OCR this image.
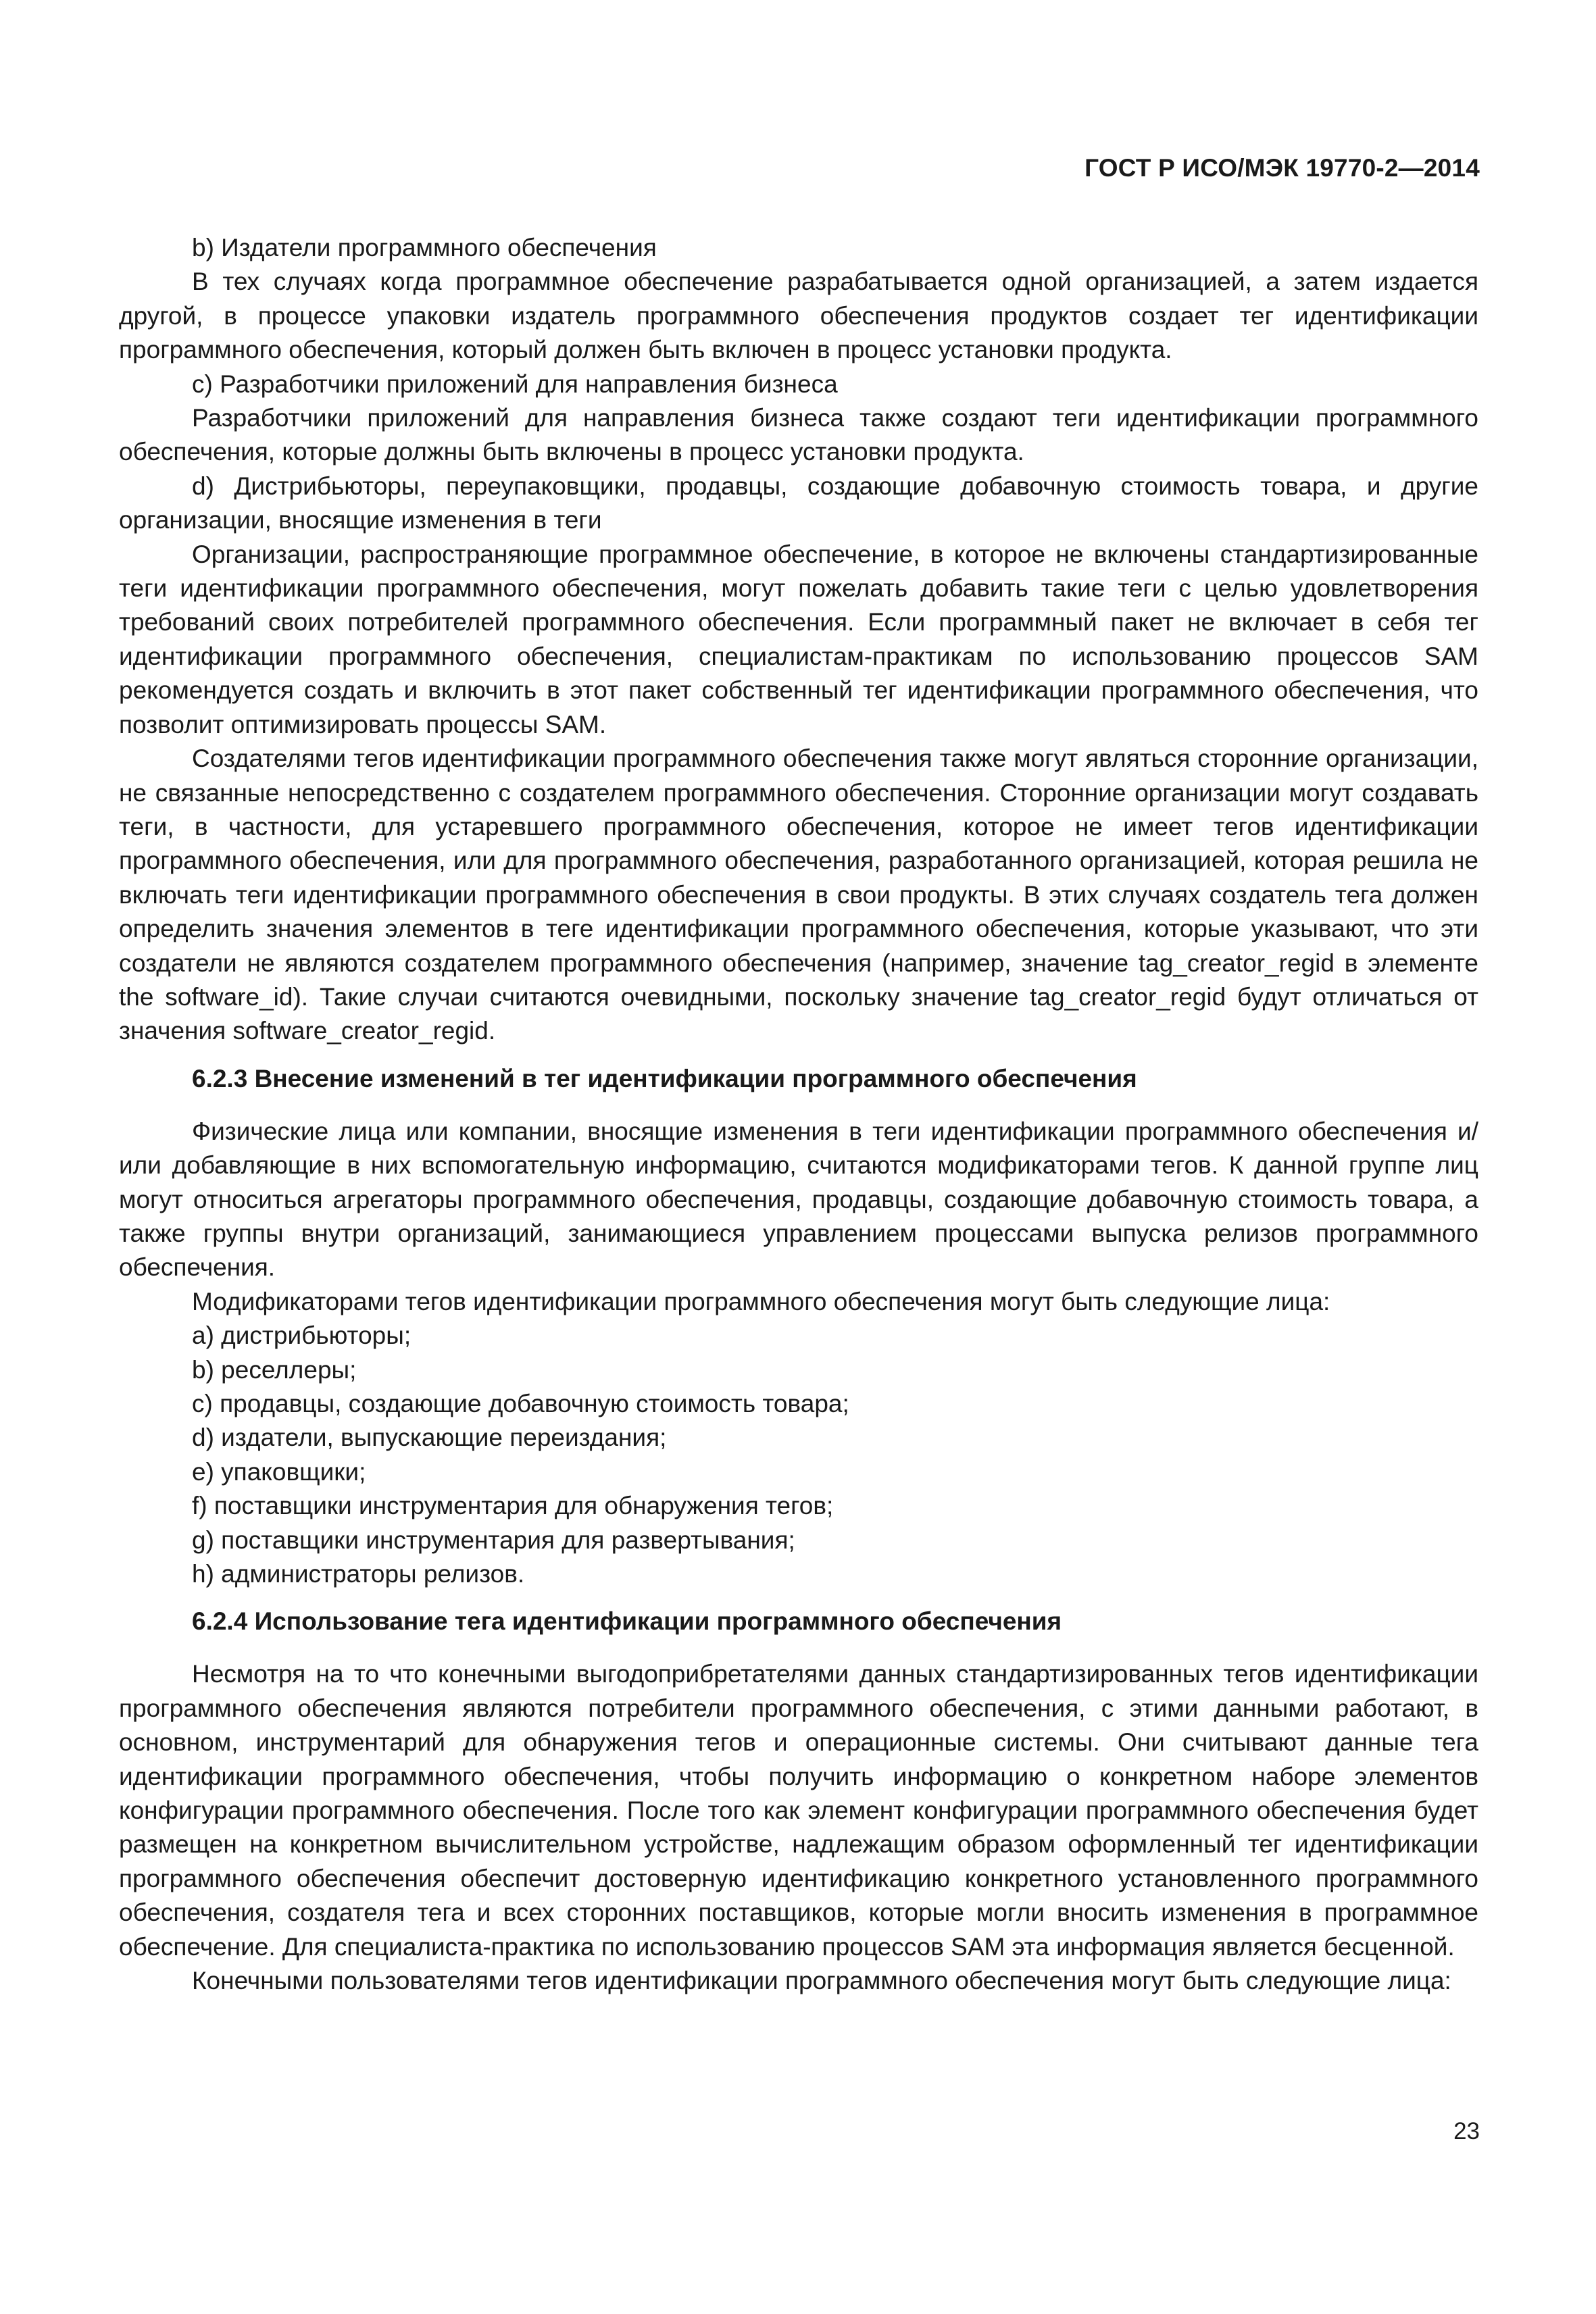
ГОСТ Р ИСО/МЭК 19770-2—2014

b) Издатели программного обеспечения

В тех случаях когда программное обеспечение разрабатывается одной организацией, а затем издается другой, в процессе упаковки издатель программного обеспечения продуктов создает тег идентификации программного обеспечения, который должен быть включен в процесс установки продукта.

с) Разработчики приложений для направления бизнеса

Разработчики приложений для направления бизнеса также создают теги идентификации программного обеспечения, которые должны быть включены в процесс установки продукта.

d) Дистрибьюторы, переупаковщики, продавцы, создающие добавочную стоимость товара, и другие организации, вносящие изменения в теги

Организации, распространяющие программное обеспечение, в которое не включены стандартизированные теги идентификации программного обеспечения, могут пожелать добавить такие теги с целью удовлетворения требований своих потребителей программного обеспечения. Если программный пакет не включает в себя тег идентификации программного обеспечения, специалистам-практикам по использованию процессов SAM рекомендуется создать и включить в этот пакет собственный тег идентификации программного обеспечения, что позволит оптимизировать процессы SAM.

Создателями тегов идентификации программного обеспечения также могут являться сторонние организации, не связанные непосредственно с создателем программного обеспечения. Сторонние организации могут создавать теги, в частности, для устаревшего программного обеспечения, которое не имеет тегов идентификации программного обеспечения, или для программного обеспечения, разработанного организацией, которая решила не включать теги идентификации программного обеспечения в свои продукты. В этих случаях создатель тега должен определить значения элементов в теге идентификации программного обеспечения, которые указывают, что эти создатели не являются создателем программного обеспечения (например, значение tag_creator_regid в элементе the software_id). Такие случаи считаются очевидными, поскольку значение tag_creator_regid будут отличаться от значения software_creator_regid.

6.2.3 Внесение изменений в тег идентификации программного обеспечения

Физические лица или компании, вносящие изменения в теги идентификации программного обеспечения и/или добавляющие в них вспомогательную информацию, считаются модификаторами тегов. К данной группе лиц могут относиться агрегаторы программного обеспечения, продавцы, создающие добавочную стоимость товара, а также группы внутри организаций, занимающиеся управлением процессами выпуска релизов программного обеспечения.

Модификаторами тегов идентификации программного обеспечения могут быть следующие лица:

а) дистрибьюторы;

b) реселлеры;

с) продавцы, создающие добавочную стоимость товара;

d) издатели, выпускающие переиздания;

е) упаковщики;

f) поставщики инструментария для обнаружения тегов;

g) поставщики инструментария для развертывания;

h) администраторы релизов.

6.2.4 Использование тега идентификации программного обеспечения

Несмотря на то что конечными выгодоприбретателями данных стандартизированных тегов идентификации программного обеспечения являются потребители программного обеспечения, с этими данными работают, в основном, инструментарий для обнаружения тегов и операционные системы. Они считывают данные тега идентификации программного обеспечения, чтобы получить информацию о конкретном наборе элементов конфигурации программного обеспечения. После того как элемент конфигурации программного обеспечения будет размещен на конкретном вычислительном устройстве, надлежащим образом оформленный тег идентификации программного обеспечения обеспечит достоверную идентификацию конкретного установленного программного обеспечения, создателя тега и всех сторонних поставщиков, которые могли вносить изменения в программное обеспечение. Для специалиста-практика по использованию процессов SAM эта информация является бесценной.

Конечными пользователями тегов идентификации программного обеспечения могут быть следующие лица:

23
